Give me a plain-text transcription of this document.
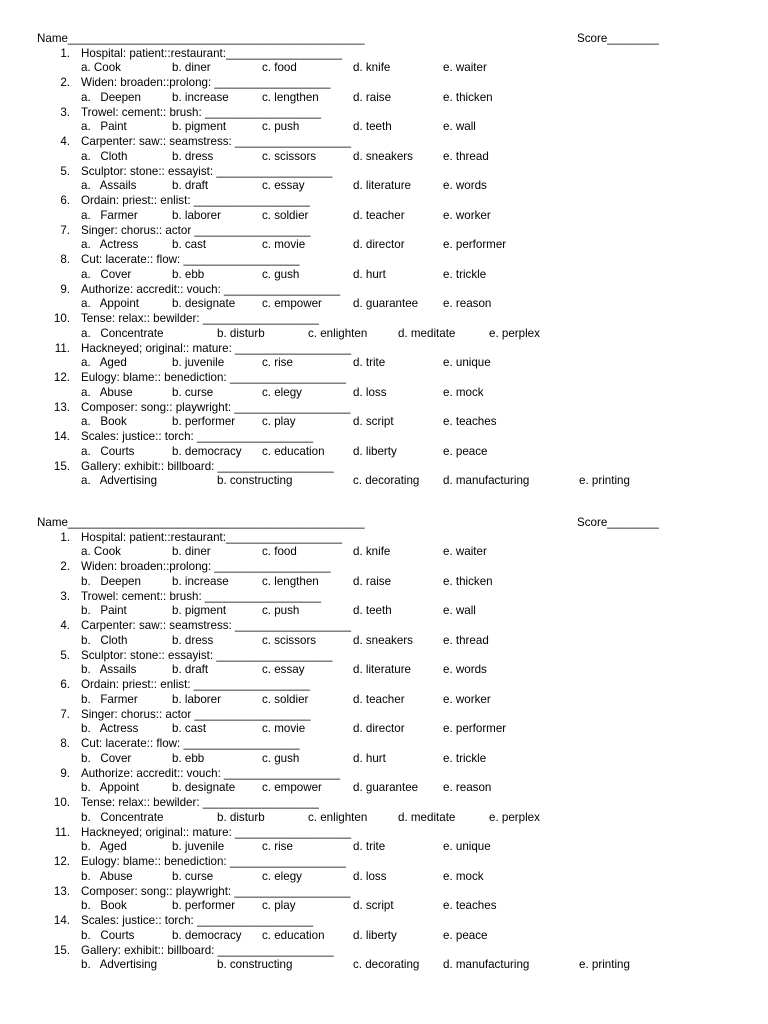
Name______________________________________________	Score________
1. Hospital: patient::restaurant:__________________
a. Cook	b. diner	c. food	d. knife	e. waiter
2. Widen: broaden::prolong: __________________
a.   Deepen	b. increase	c. lengthen	d. raise	e. thicken
3. Trowel: cement:: brush: __________________
a.   Paint	b. pigment	c. push	d. teeth	e. wall
4. Carpenter: saw:: seamstress: __________________
a.   Cloth	b. dress	c. scissors	d. sneakers	e. thread
5. Sculptor: stone:: essayist: __________________
a.   Assails	b. draft	c. essay	d. literature	e. words
6. Ordain: priest:: enlist: __________________
a.   Farmer	b. laborer	c. soldier	d. teacher	e. worker
7. Singer: chorus:: actor __________________
a.   Actress	b. cast	c. movie	d. director	e. performer
8. Cut: lacerate:: flow: __________________
a.   Cover	b. ebb	c. gush	d. hurt	e. trickle
9. Authorize: accredit:: vouch: __________________
a.   Appoint	b. designate c. empower	d. guarantee e. reason
10. Tense: relax:: bewilder: __________________
a.   Concentrate	b. disturb	c. enlighten	d. meditate	e. perplex
11. Hackneyed; original:: mature: __________________
a.   Aged	b. juvenile	c. rise	d. trite	e. unique
12. Eulogy: blame:: benediction: __________________
a.   Abuse	b. curse	c. elegy	d. loss	e. mock
13. Composer: song:: playwright: __________________
a.   Book	b. performer c. play	d. script	e. teaches
14. Scales: justice:: torch: __________________
a.   Courts	b. democracy c. education d. liberty	e. peace
15. Gallery: exhibit:: billboard: __________________
a.   Advertising	b. constructing	c. decorating d. manufacturing	e. printing
Name______________________________________________	Score________
1. Hospital: patient::restaurant:__________________
a. Cook	b. diner	c. food	d. knife	e. waiter
2. Widen: broaden::prolong: __________________
b.   Deepen	b. increase	c. lengthen	d. raise	e. thicken
3. Trowel: cement:: brush: __________________
b.   Paint	b. pigment	c. push	d. teeth	e. wall
4. Carpenter: saw:: seamstress: __________________
b.   Cloth	b. dress	c. scissors	d. sneakers	e. thread
5. Sculptor: stone:: essayist: __________________
b.   Assails	b. draft	c. essay	d. literature	e. words
6. Ordain: priest:: enlist: __________________
b.   Farmer	b. laborer	c. soldier	d. teacher	e. worker
7. Singer: chorus:: actor __________________
b.   Actress	b. cast	c. movie	d. director	e. performer
8. Cut: lacerate:: flow: __________________
b.   Cover	b. ebb	c. gush	d. hurt	e. trickle
9. Authorize: accredit:: vouch: __________________
b.   Appoint	b. designate c. empower	d. guarantee e. reason
10. Tense: relax:: bewilder: __________________
b.   Concentrate	b. disturb	c. enlighten	d. meditate	e. perplex
11. Hackneyed; original:: mature: __________________
b.   Aged	b. juvenile	c. rise	d. trite	e. unique
12. Eulogy: blame:: benediction: __________________
b.   Abuse	b. curse	c. elegy	d. loss	e. mock
13. Composer: song:: playwright: __________________
b.   Book	b. performer c. play	d. script	e. teaches
14. Scales: justice:: torch: __________________
b.   Courts	b. democracy c. education d. liberty	e. peace
15. Gallery: exhibit:: billboard: __________________
b.   Advertising	b. constructing	c. decorating d. manufacturing	e. printing
